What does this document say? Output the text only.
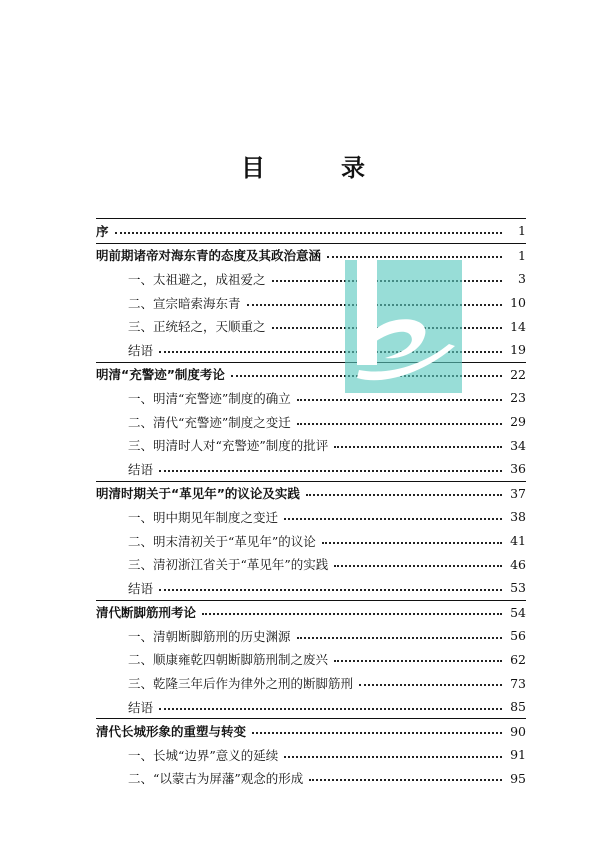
目　录
序	1
明前期诸帝对海东青的态度及其政治意涵	1
一、太祖避之，成祖爱之	3
二、宣宗暗索海东青	10
三、正统轻之，天顺重之	14
结语	19
明清“充警迹”制度考论	22
一、明清“充警迹”制度的确立	23
二、清代“充警迹”制度之变迁	29
三、明清时人对“充警迹”制度的批评	34
结语	36
明清时期关于“革见年”的议论及实践	37
一、明中期见年制度之变迁	38
二、明末清初关于“革见年”的议论	41
三、清初浙江省关于“革见年”的实践	46
结语	53
清代断脚筋刑考论	54
一、清朝断脚筋刑的历史渊源	56
二、顺康雍乾四朝断脚筋刑制之废兴	62
三、乾隆三年后作为律外之刑的断脚筋刑	73
结语	85
清代长城形象的重塑与转变	90
一、长城“边界”意义的延续	91
二、“以蒙古为屏藩”观念的形成	95
